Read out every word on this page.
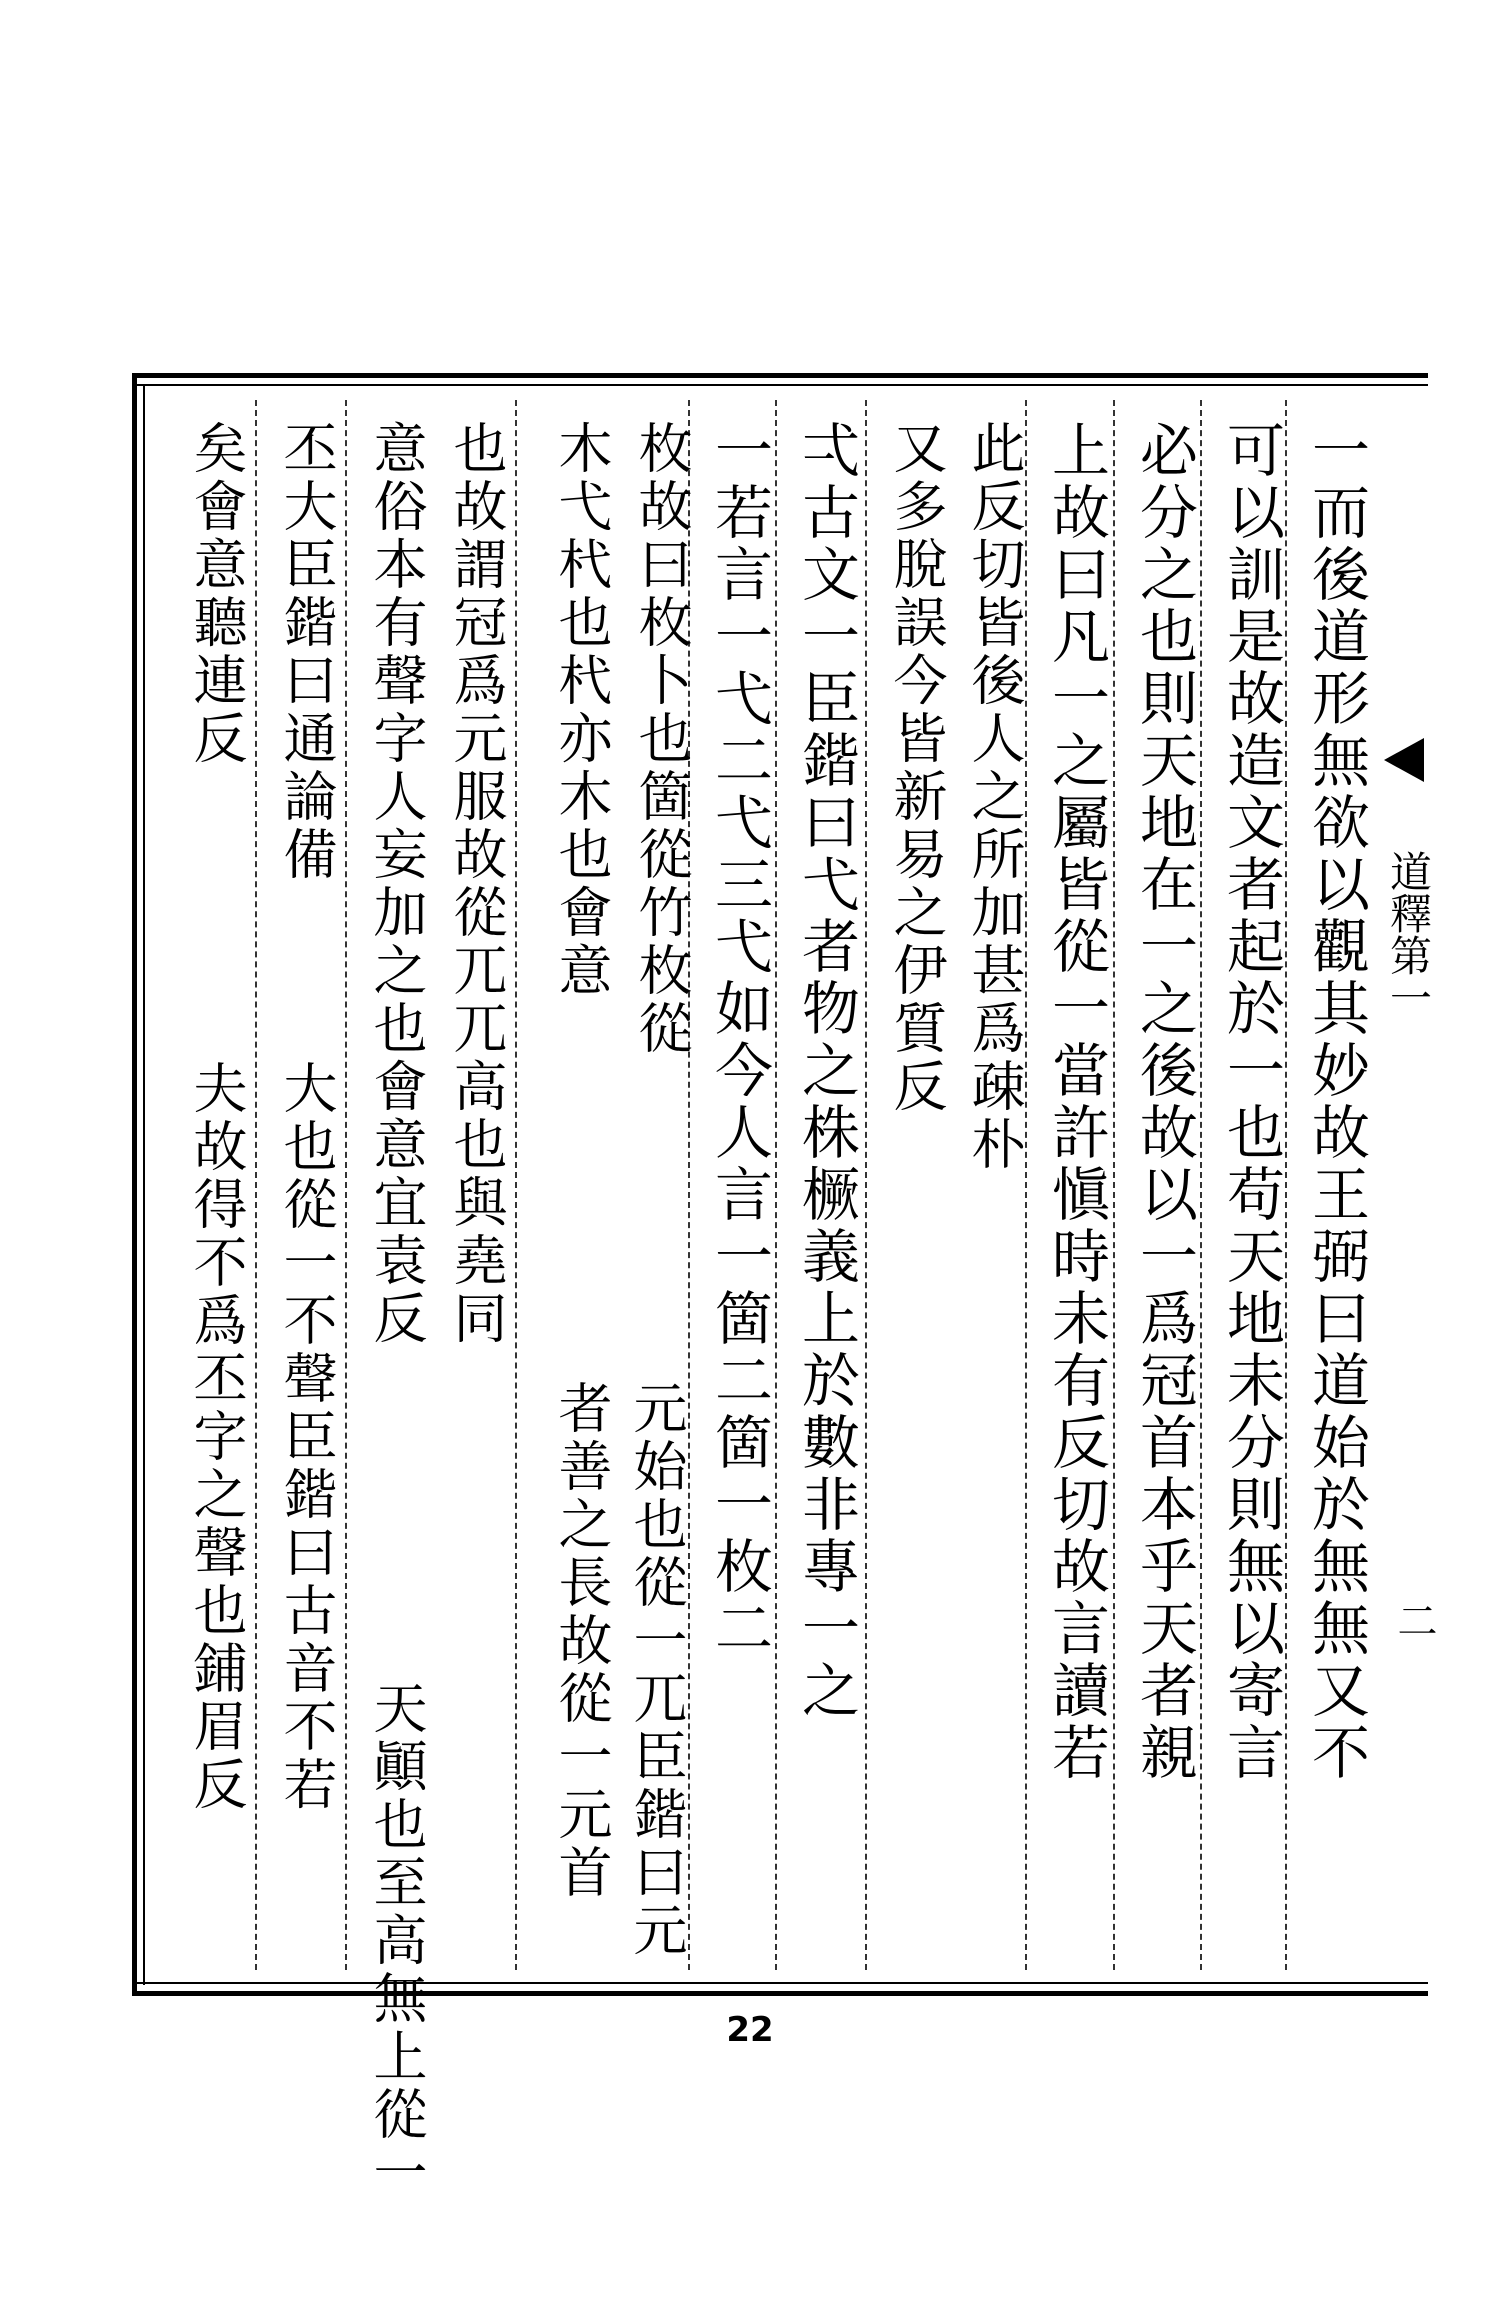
道釋第一
二
一而後道形無欲以觀其妙故王弼曰道始於無無又不
可以訓是故造文者起於一也苟天地未分則無以寄言
必分之也則天地在一之後故以一爲冠首本乎天者親
上故曰凡一之屬皆從一當許愼時未有反切故言讀若
此反切皆後人之所加甚爲疎朴
又多脫誤今皆新易之伊質反
弌古文一臣鍇曰弋者物之株橛義上於數非專一之
一若言一弋二弋三弋如今人言一箇二箇一枚二
枚故曰枚卜也箇從竹枚從
木弋杙也杙亦木也會意
元始也從一兀臣鍇曰元
者善之長故從一元首
也故謂冠爲元服故從兀兀高也與堯同
天顚也至高無上從一
意俗本有聲字人妄加之也會意宜袁反
大也從一不聲臣鍇曰古音不若
丕大臣鍇曰通論備
夫故得不爲丕字之聲也鋪眉反
矣會意聽連反
22
